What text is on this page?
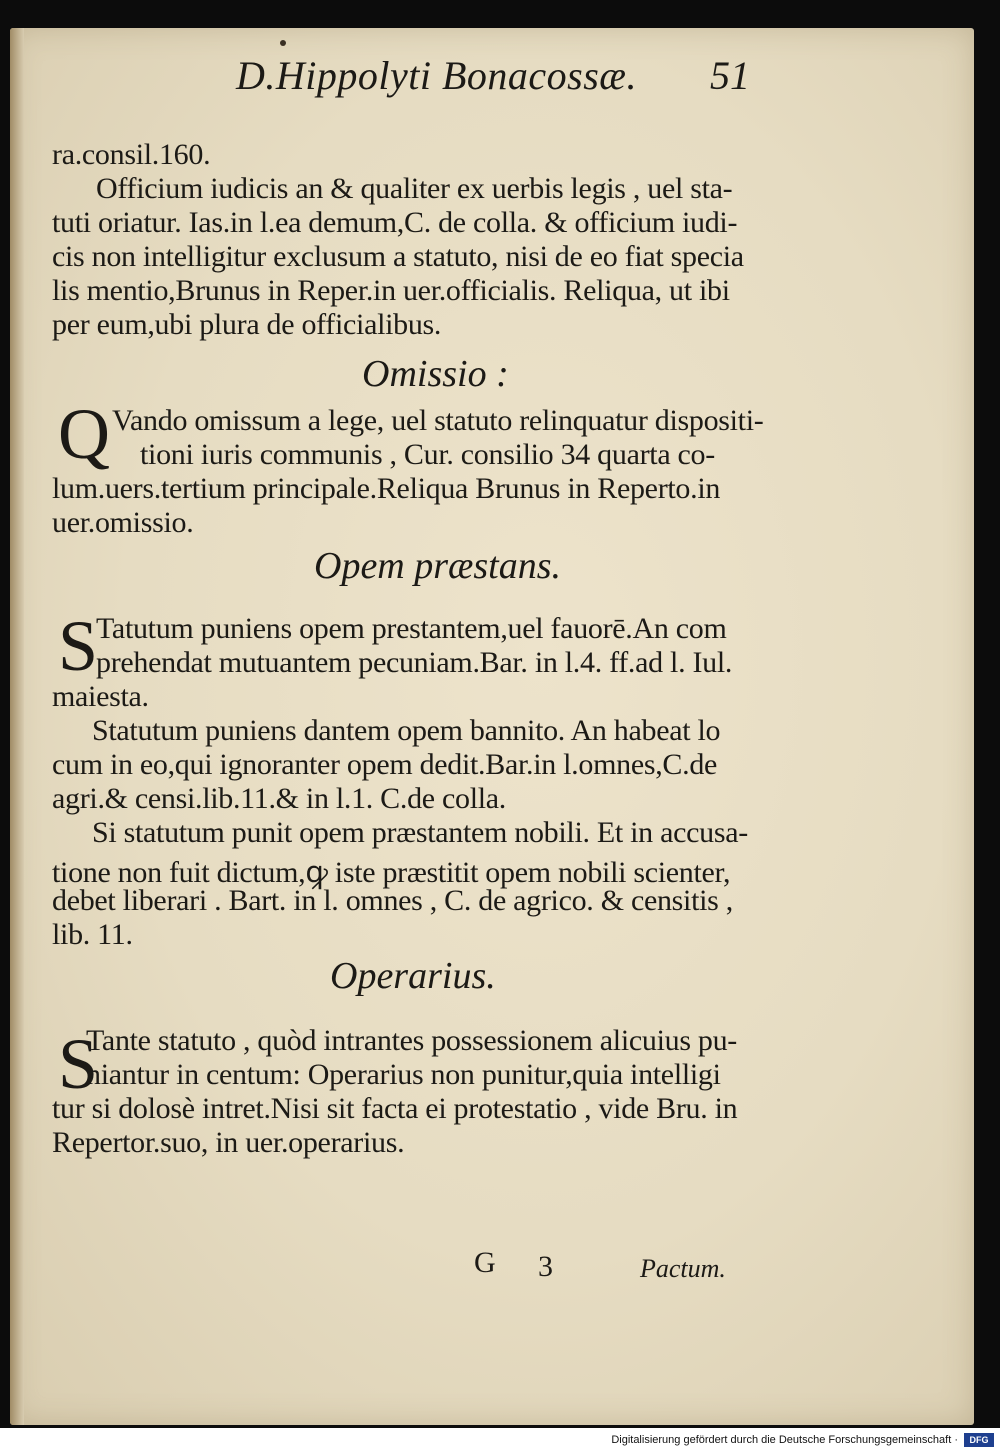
D.Hippolyti Bonacossæ. 51
ra.consil.160.
Officium iudicis an & qualiter ex uerbis legis , uel sta-
tuti oriatur. Ias.in l.ea demum,C. de colla. & officium iudi-
cis non intelligitur exclusum a statuto, nisi de eo fiat specia
lis mentio,Brunus in Reper.in uer.officialis. Reliqua, ut ibi
per eum,ubi plura de officialibus.
Omissio :
Q Vando omissum a lege, uel statuto relinquatur dispositi-
tioni iuris communis , Cur. consilio 34 quarta co-
lum.uers.tertium principale.Reliqua Brunus in Reperto.in
uer.omissio.
Opem præstans.
S
Tatutum puniens opem prestantem,uel fauorē.An com
prehendat mutuantem pecuniam.Bar. in l.4. ff.ad l. Iul.
maiesta.
Statutum puniens dantem opem bannito. An habeat lo
cum in eo,qui ignoranter opem dedit.Bar.in l.omnes,C.de
agri.& censi.lib.11.& in l.1. C.de colla.
Si statutum punit opem præstantem nobili. Et in accusa-
tione non fuit dictum,ꝙ iste præstitit opem nobili scienter,
debet liberari . Bart. in l. omnes , C. de agrico. & censitis ,
lib. 11.
Operarius.
S
Tante statuto , quòd intrantes possessionem alicuius pu-
niantur in centum: Operarius non punitur,quia intelligi
tur si dolosè intret.Nisi sit facta ei protestatio , vide Bru. in
Repertor.suo, in uer.operarius.
G 3	Pactum.
Digitalisierung gefördert durch die Deutsche Forschungsgemeinschaft ·	DFG
